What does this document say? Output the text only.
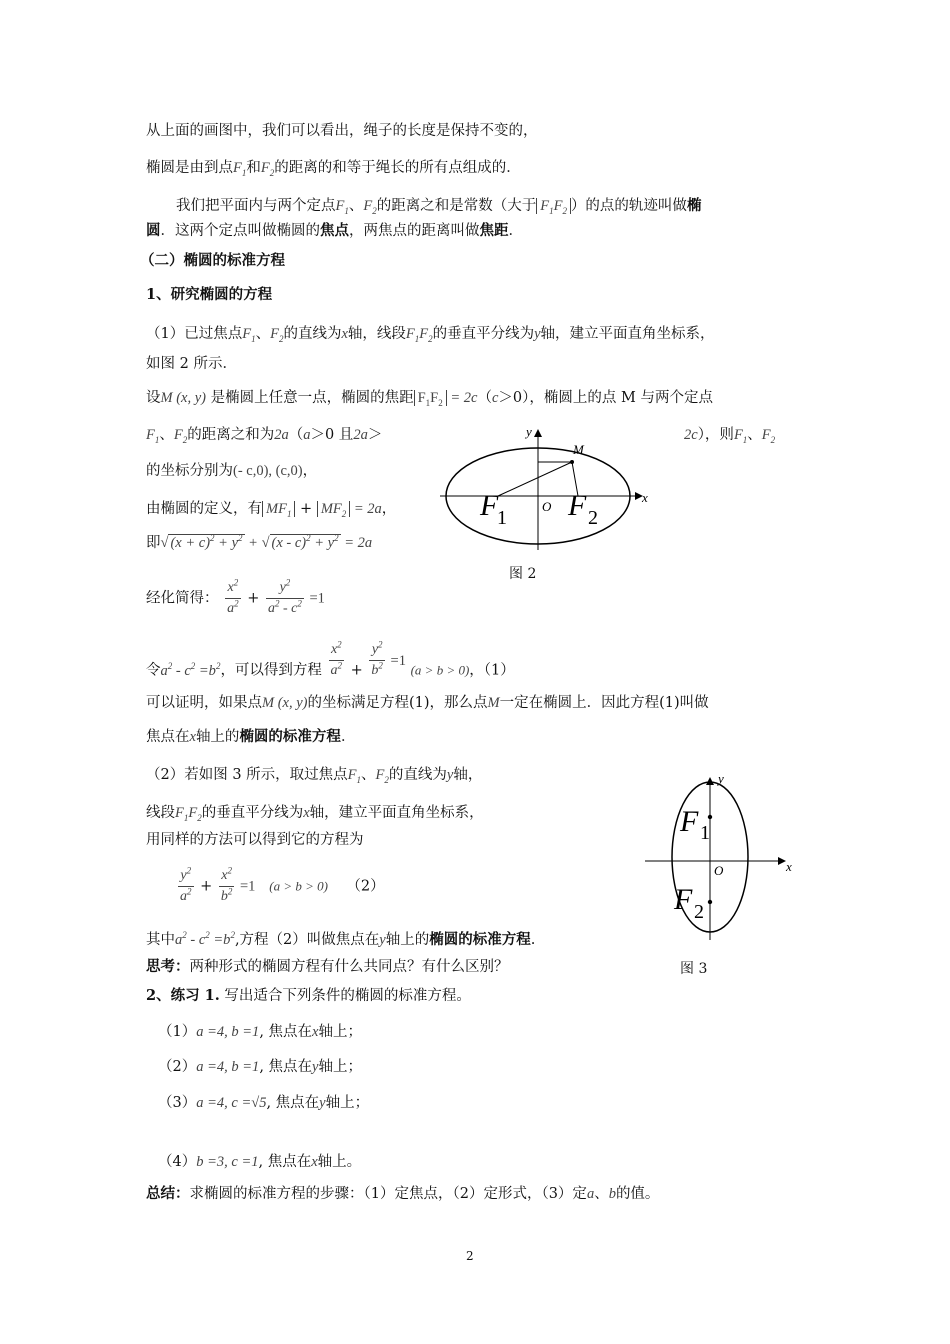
从上面的画图中，我们可以看出，绳子的长度是保持不变的，
椭圆是由到点$F_1$和$F_2$的距离的和等于绳长的所有点组成的．
我们把平面内与两个定点$F_1$、$F_2$的距离之和是常数（大于 $F_1F_2$ ）的点的轨迹叫做椭
圆．这两个定点叫做椭圆的焦点，两焦点的距离叫做焦距．
（二）椭圆的标准方程
1、研究椭圆的方程
（1）已过焦点$F_1$、$F_2$的直线为x轴，线段$F_1F_2$的垂直平分线为y轴，建立平面直角坐标系，
如图 2 所示．
设M (x, y) 是椭圆上任意一点，椭圆的焦距 $F_1F_2 = 2c(c>0)$，椭圆上的点 M 与两个定点
$F_1$、$F_2$的距离之和为2a（a＞0 且2a＞	2c），则$F_1$、$F_2$
的坐标分别为(- c,0), (c,0)，
由椭圆的定义，有 $MF_1 + MF_2 = 2a$，
即√ $(x + c)^2 + y^2$ + √ $(x - c)^2 + y^2 = 2a$
经化简得： $\frac{x^2}{a^2} + \frac{y^2}{a^2 - c^2} =1$
令$a^2 - c^2 =b^2$，可以得到方程 $\frac{x^2}{a^2} + \frac{y^2}{b^2} =1$ (a > b > 0)，（1）
可以证明，如果点M (x, y)的坐标满足方程(1)，那么点M一定在椭圆上．因此方程(1)叫做
焦点在x轴上的椭圆的标准方程．
（2）若如图 3 所示，取过焦点$F_1$、$F_2$的直线为y轴，
线段$F_1F_2$的垂直平分线为x轴，建立平面直角坐标系，
用同样的方法可以得到它的方程为
$\frac{y^2}{a^2} + \frac{x^2}{b^2} =1$ (a > b > 0) （2）
其中$a^2 - c^2 =b^2$,方程（2）叫做焦点在y轴上的椭圆的标准方程.
思考：两种形式的椭圆方程有什么共同点？有什么区别？
2、练习 1. 写出适合下列条件的椭圆的标准方程。
（1）a =4, b =1, 焦点在x轴上；
（2）a =4, b =1, 焦点在y轴上；
（3）a =4, c =√5, 焦点在y轴上；
（4）b =3, c =1, 焦点在x轴上。
总结：求椭圆的标准方程的步骤：（1）定焦点，（2）定形式，（3）定a、b的值。
y
x
M
O
F
1 F 2
图 2
y
x
O
F 1
F 2
图 3
2
